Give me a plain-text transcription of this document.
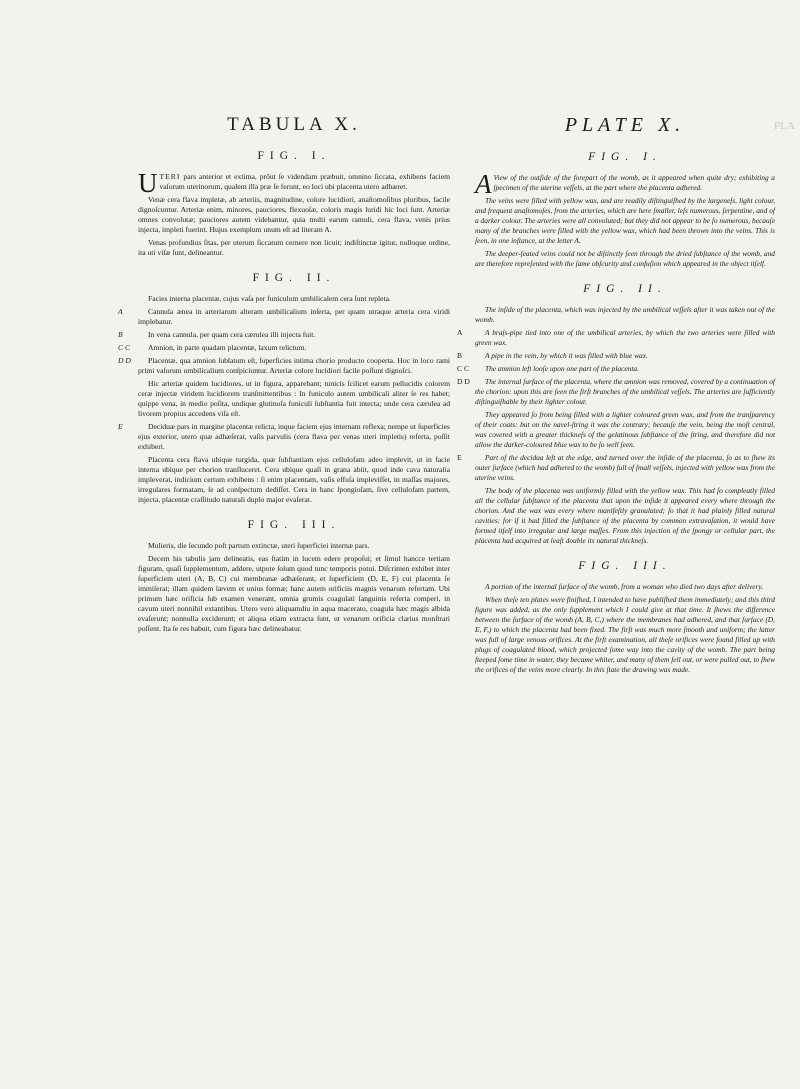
PLA
TABULA X.
FIG. I.

UTERI pars anterior et extima, prôut ſe videndam præbuit, omnino ſiccata, exhibens faciem vaſorum uterinorum, qualem illa præ ſe ferunt, eo loci ubi placenta utero adhæret.

Venæ cera flava impletæ, ab arteriis, magnitudine, colore lucidiori, anaſtomoſibus pluribus, facile dignoſcuntur. Arteriæ enim, minores, pauciores, flexuoſæ, coloris magis luridi hic loci ſunt. Arteriæ omnes convolutæ; pauciores autem videbantur, quia multi earum ramuli, cera flava, venis prius injecta, impleti fuerint. Hujus exemplum unum eſt ad literam A.

Venas profundius ſitas, per uterum ſiccatum cernere non licuit; indiſtinctæ igitur, nulloque ordine, ita uti viſæ ſunt, delineantur.

FIG. II.

Facies interna placentæ, cujus vaſa per funiculum umbilicalem cera ſunt repleta.

A	Cannula ænea in arteriarum alteram umbilicalium inſerta, per quam utraque arteria cera viridi implebatur.

B	In vena cannula, per quam cera cærulea illi injecta fuit.

C C Amnion, in parte quadam placentæ, laxum relictum.

D D Placentæ, qua amnion ſublatum eſt, ſuperficies intima chorio producto cooperta. Hoc in loco rami primi vaſorum umbilicalium conſpiciuntur. Arteriæ colore lucidiori facile poſſunt dignoſci.

Hic arteriæ quidem lucidiores, ut in figura, apparebant; tunicis ſcilicet earum pellucidis colorem ceræ injectæ viridem lucidiorem tranſmittentibus : In funiculo autem umbilicali aliter ſe res habet; quippe vena, in medio poſita, undique glutinoſa funiculi ſubſtantia fuit intecta; unde cera cærulea ad livorem propius accedens viſa eſt.

E	Deciduæ pars in margine placentæ relicta, inque faciem ejus internam reflexa; nempe ut ſuperficies ejus exterior, utero quæ adhæſerat, vaſis parvulis (cera flava per venas uteri impletis) referta, poſſit exhiberi.

Placenta cera flava ubique turgida, quæ ſubſtantiam ejus cellulofam adeo implevit, ut in facie interna ubique per chorion tranſluceret. Cera ubique quaſi in grana abiit, quod inde cava naturalia impleverat, indicium certum exhibens : ſi enim placentam, vaſis effuſa impleviſſet, in maſſas majores, irregulares formatam, ſe ad conſpectum dediſſet. Cera in hanc ſpongioſam, ſive cellulofam partem, injecta, placentæ craſſitudo naturali duplo major evaſerat.

FIG. III.

Mulieris, die ſecundo poſt partum extinctæ, uteri ſuperficiei internæ pars.

Decem his tabulis jam delineatis, eas ſtatim in lucem edere propoſui; et ſimul hancce tertiam figuram, quaſi ſupplementum, addere, utpote ſolum quod tunc temporis potui. Diſcrimen exhibet inter ſuperficiem uteri (A, B, C) cui membranæ adhæſerant, et ſuperficiem (D, E, F) cui placenta ſe immiſerat; illam quidem lævem et unius formæ; hanc autem orificiis magnis venarum refertam. Ubi primum hæc orificia ſub examen venerant, omnia grumis coagulati ſanguinis referta comperi, in cavum uteri nonnihil extantibus. Utero vero aliquamdiu in aqua macerato, coagula hæc magis albida evaſerunt; nonnulla exciderunt; et aliqua etiam extracta ſunt, ut venarum orificia clarius monſtrari poſſent. Ita ſe res habuit, cum figura hæc delineabatur.

PLATE X.
FIG. I.

A View of the outſide of the forepart of the womb, as it appeared when quite dry; exhibiting a ſpecimen of the uterine veſſels, at the part where the placenta adhered.

The veins were filled with yellow wax, and are readily diſtinguiſhed by the largeneſs, light colour, and frequent anaſtomoſes, from the arteries, which are here ſmaller, leſs numerous, ſerpentine, and of a darker colour. The arteries were all convoluted; but they did not appear to be ſo numerous, becauſe many of the branches were filled with the yellow wax, which had been thrown into the veins. This is ſeen, in one inſtance, at the letter A.

The deeper-ſeated veins could not be diſtinctly ſeen through the dried ſubſtance of the womb, and are therefore repreſented with the ſame obſcurity and confuſion which appeared in the object itſelf.

FIG. II.

The inſide of the placenta, which was injected by the umbilical veſſels after it was taken out of the womb.

A	A braſs-pipe tied into one of the umbilical arteries, by which the two arteries were filled with green wax.

B	A pipe in the vein, by which it was filled with blue wax.

C C The amnion left looſe upon one part of the placenta.

D D The internal ſurface of the placenta, where the amnion was removed, covered by a continuation of the chorion: upon this are ſeen the firſt branches of the umbilical veſſels. The arteries are ſufficiently diſtinguiſhable by their lighter colour.

They appeared ſo from being filled with a lighter coloured green wax, and from the tranſparency of their coats: but on the navel-ſtring it was the contrary; becauſe the vein, being the moſt central, was covered with a greater thickneſs of the gelatinous ſubſtance of the ſtring, and therefore did not allow the darker-coloured blue wax to be ſo well ſeen.

E	Part of the decidua left at the edge, and turned over the inſide of the placenta, ſo as to ſhew its outer ſurface (which had adhered to the womb) full of ſmall veſſels, injected with yellow wax from the uterine veins.

The body of the placenta was uniformly filled with the yellow wax. This had ſo compleatly filled all the cellular ſubſtance of the placenta that upon the inſide it appeared every where through the chorion. And the wax was every where manifeſtly granulated; ſo that it had plainly filled natural cavities: for if it had filled the ſubſtance of the placenta by common extravaſation, it would have formed itſelf into irregular and large maſſes. From this injection of the ſpongy or cellular part, the placenta had acquired at leaſt double its natural thickneſs.

FIG. III.

A portion of the internal ſurface of the womb, from a woman who died two days after delivery.

When theſe ten plates were finiſhed, I intended to have publiſhed them immediately; and this third figure was added, as the only ſupplement which I could give at that time. It ſhews the difference between the ſurface of the womb (A, B, C,) where the membranes had adhered, and that ſurface (D, E, F,) to which the placenta had been fixed. The firſt was much more ſmooth and uniform; the latter was full of large venous orifices. At the firſt examination, all theſe orifices were found filled up with plugs of coagulated blood, which projected ſome way into the cavity of the womb. The part being ſteeped ſome time in water, they became whiter, and many of them fell out, or were pulled out, to ſhew the orifices of the veins more clearly. In this ſtate the drawing was made.
